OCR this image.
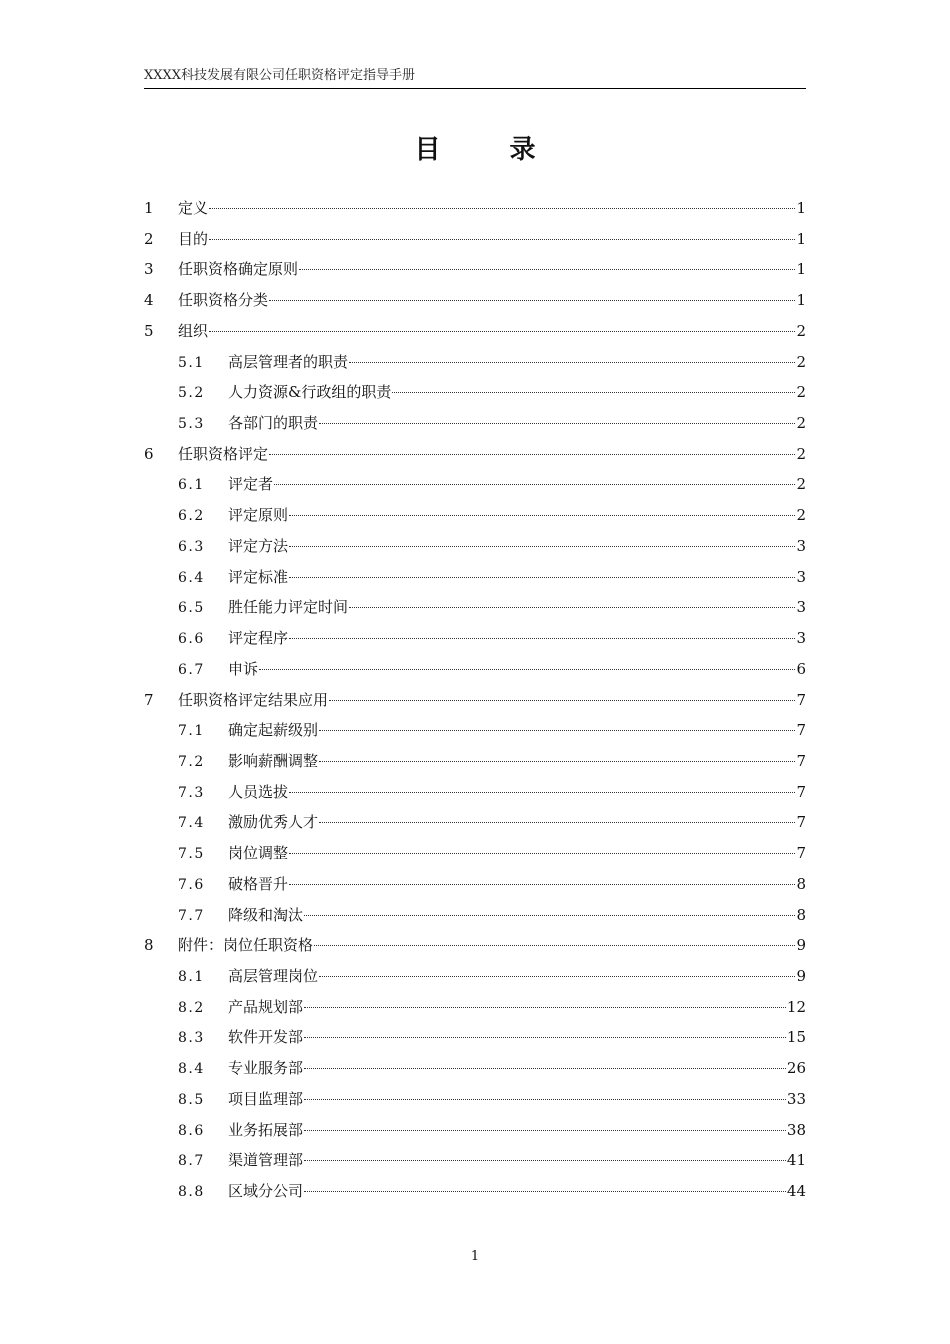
XXXX科技发展有限公司任职资格评定指导手册
目 录
1	定义	1
2	目的	1
3	任职资格确定原则	1
4	任职资格分类	1
5	组织	2
5.1	高层管理者的职责	2
5.2	人力资源&行政组的职责	2
5.3	各部门的职责	2
6	任职资格评定	2
6.1	评定者	2
6.2	评定原则	2
6.3	评定方法	3
6.4	评定标准	3
6.5	胜任能力评定时间	3
6.6	评定程序	3
6.7	申诉	6
7	任职资格评定结果应用	7
7.1	确定起薪级别	7
7.2	影响薪酬调整	7
7.3	人员选拔	7
7.4	激励优秀人才	7
7.5	岗位调整	7
7.6	破格晋升	8
7.7	降级和淘汰	8
8	附件：岗位任职资格	9
8.1	高层管理岗位	9
8.2	产品规划部	12
8.3	软件开发部	15
8.4	专业服务部	26
8.5	项目监理部	33
8.6	业务拓展部	38
8.7	渠道管理部	41
8.8	区域分公司	44
1
